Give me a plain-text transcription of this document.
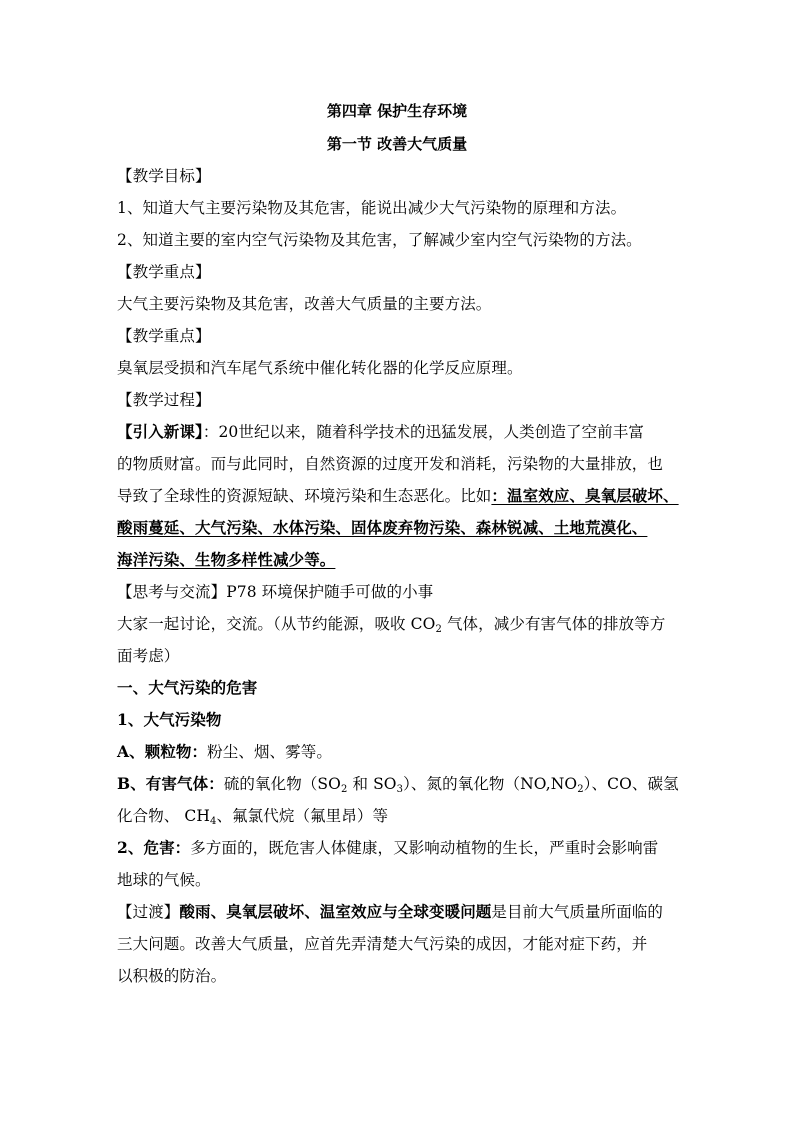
第四章 保护生存环境
第一节 改善大气质量
【教学目标】
1、知道大气主要污染物及其危害，能说出减少大气污染物的原理和方法。
2、知道主要的室内空气污染物及其危害，了解减少室内空气污染物的方法。
【教学重点】
大气主要污染物及其危害，改善大气质量的主要方法。
【教学重点】
臭氧层受损和汽车尾气系统中催化转化器的化学反应原理。
【教学过程】
【引入新课】：20世纪以来，随着科学技术的迅猛发展，人类创造了空前丰富
的物质财富。而与此同时，自然资源的过度开发和消耗，污染物的大量排放，也
导致了全球性的资源短缺、环境污染和生态恶化。比如：温室效应、臭氧层破坏、
酸雨蔓延、大气污染、水体污染、固体废弃物污染、森林锐减、土地荒漠化、
海洋污染、生物多样性减少等。
【思考与交流】P78 环境保护随手可做的小事
大家一起讨论，交流。（从节约能源，吸收 $CO_2$ 气体，减少有害气体的排放等方
面考虑）
一、大气污染的危害
1、大气污染物
A、颗粒物：粉尘、烟、雾等。
B、有害气体：硫的氧化物（$SO_2$ 和 $SO_3$）、氮的氧化物$(NO,NO_2)$、CO、碳氢
化合物、 $CH_4$、氟氯代烷（氟里昂）等
2、危害：多方面的，既危害人体健康，又影响动植物的生长，严重时会影响雷
地球的气候。
【过渡】酸雨、臭氧层破坏、温室效应与全球变暖问题是目前大气质量所面临的
三大问题。改善大气质量，应首先弄清楚大气污染的成因，才能对症下药，并
以积极的防治。
